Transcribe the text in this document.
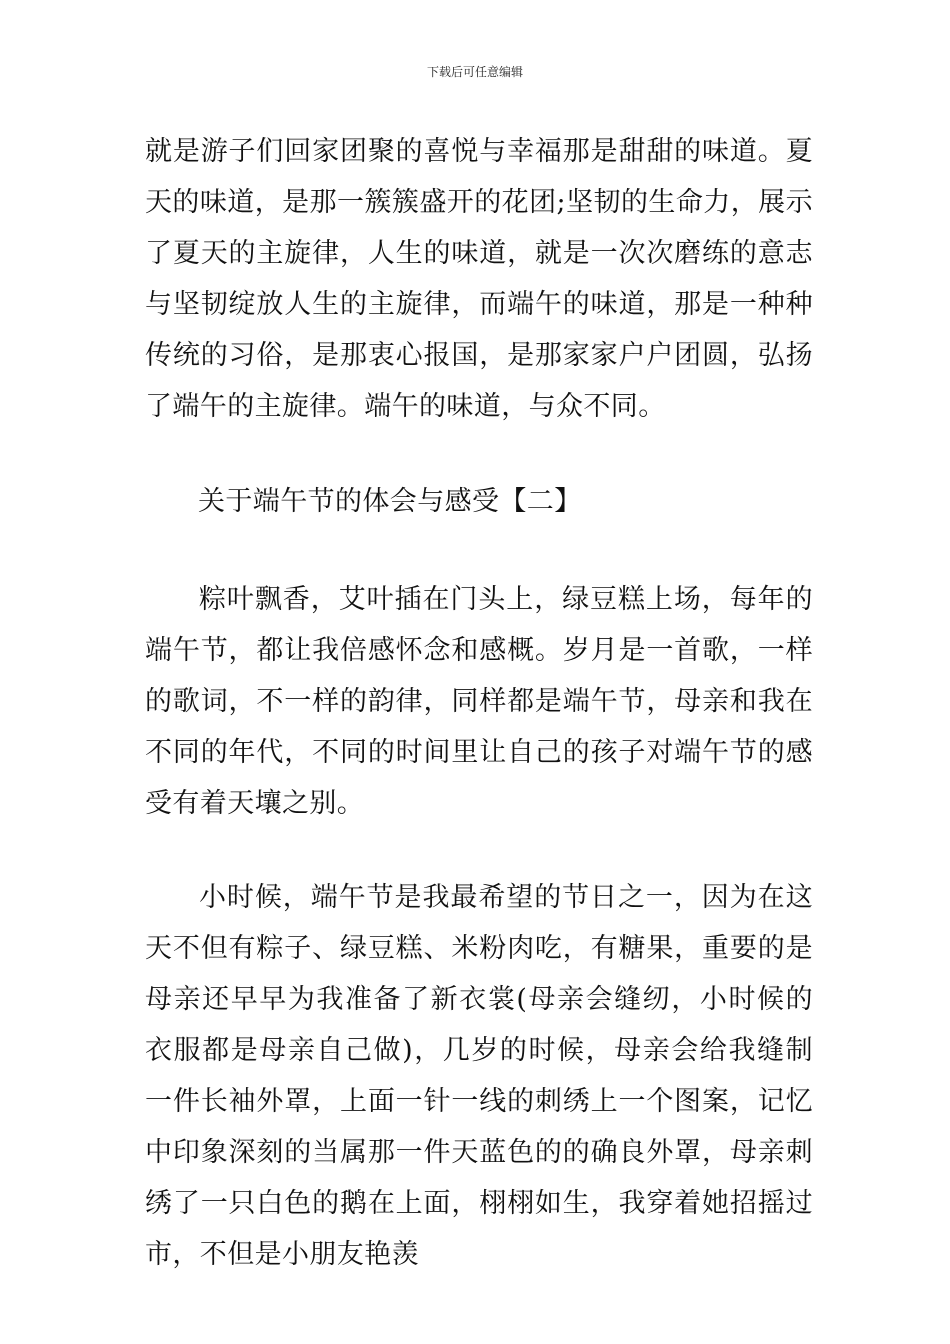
下载后可任意编辑

就是游子们回家团聚的喜悦与幸福那是甜甜的味道。夏天的味道，是那一簇簇盛开的花团;坚韧的生命力，展示了夏天的主旋律，人生的味道，就是一次次磨练的意志与坚韧绽放人生的主旋律，而端午的味道，那是一种种传统的习俗，是那衷心报国，是那家家户户团圆，弘扬了端午的主旋律。端午的味道，与众不同。

关于端午节的体会与感受【二】

粽叶飘香，艾叶插在门头上，绿豆糕上场，每年的端午节，都让我倍感怀念和感概。岁月是一首歌，一样的歌词，不一样的韵律，同样都是端午节，母亲和我在不同的年代，不同的时间里让自己的孩子对端午节的感受有着天壤之别。

小时候，端午节是我最希望的节日之一，因为在这天不但有粽子、绿豆糕、米粉肉吃，有糖果，重要的是母亲还早早为我准备了新衣裳(母亲会缝纫，小时候的衣服都是母亲自己做)，几岁的时候，母亲会给我缝制一件长袖外罩，上面一针一线的刺绣上一个图案，记忆中印象深刻的当属那一件天蓝色的的确良外罩，母亲刺绣了一只白色的鹅在上面，栩栩如生，我穿着她招摇过市，不但是小朋友艳羡
